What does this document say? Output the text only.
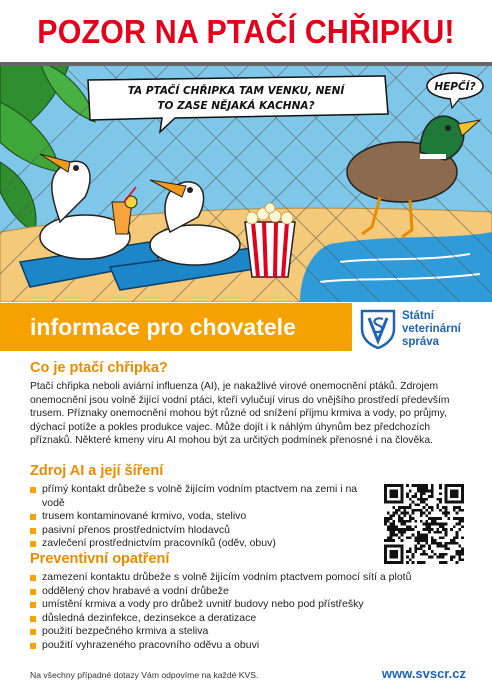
POZOR NA PTAČÍ CHŘIPKU!
TA PTAČÍ CHŘIPKA TAM VENKU, NENÍ
TO ZASE NĚJAKÁ KACHNA?
HEPČÍ?
informace pro chovatele	Státní
veterinární
správa
Co je ptačí chřipka?

Ptačí chřipka neboli aviární influenza (AI), je nakažlivé virové onemocnění ptáků. Zdrojem onemocnění jsou volně žijící vodní ptáci, kteří vylučují virus do vnějšího prostředí především trusem. Příznaky onemocnění mohou být různé od snížení příjmu krmiva a vody, po průjmy, dýchací potíže a pokles produkce vajec. Může dojít i k náhlým úhynům bez předchozích příznaků. Některé kmeny viru AI mohou být za určitých podmínek přenosné i na člověka.

Zdroj AI a její šíření
přímý kontakt drůbeže s volně žijícím vodním ptactvem na zemi i na vodě
trusem kontaminované krmivo, voda, stelivo
pasivní přenos prostřednictvím hlodavců
zavlečení prostřednictvím pracovníků (oděv, obuv)
Preventivní opatření
zamezení kontaktu drůbeže s volně žijícím vodním ptactvem pomocí sítí a plotů
oddělený chov hrabavé a vodní drůbeže
umístění krmiva a vody pro drůbež uvnitř budovy nebo pod přístřešky
důsledná dezinfekce, dezinsekce a deratizace
použití bezpečného krmiva a steliva
použití vyhrazeného pracovního oděvu a obuvi
Na všechny případné dotazy Vám odpovíme na každé KVS.	www.svscr.cz
